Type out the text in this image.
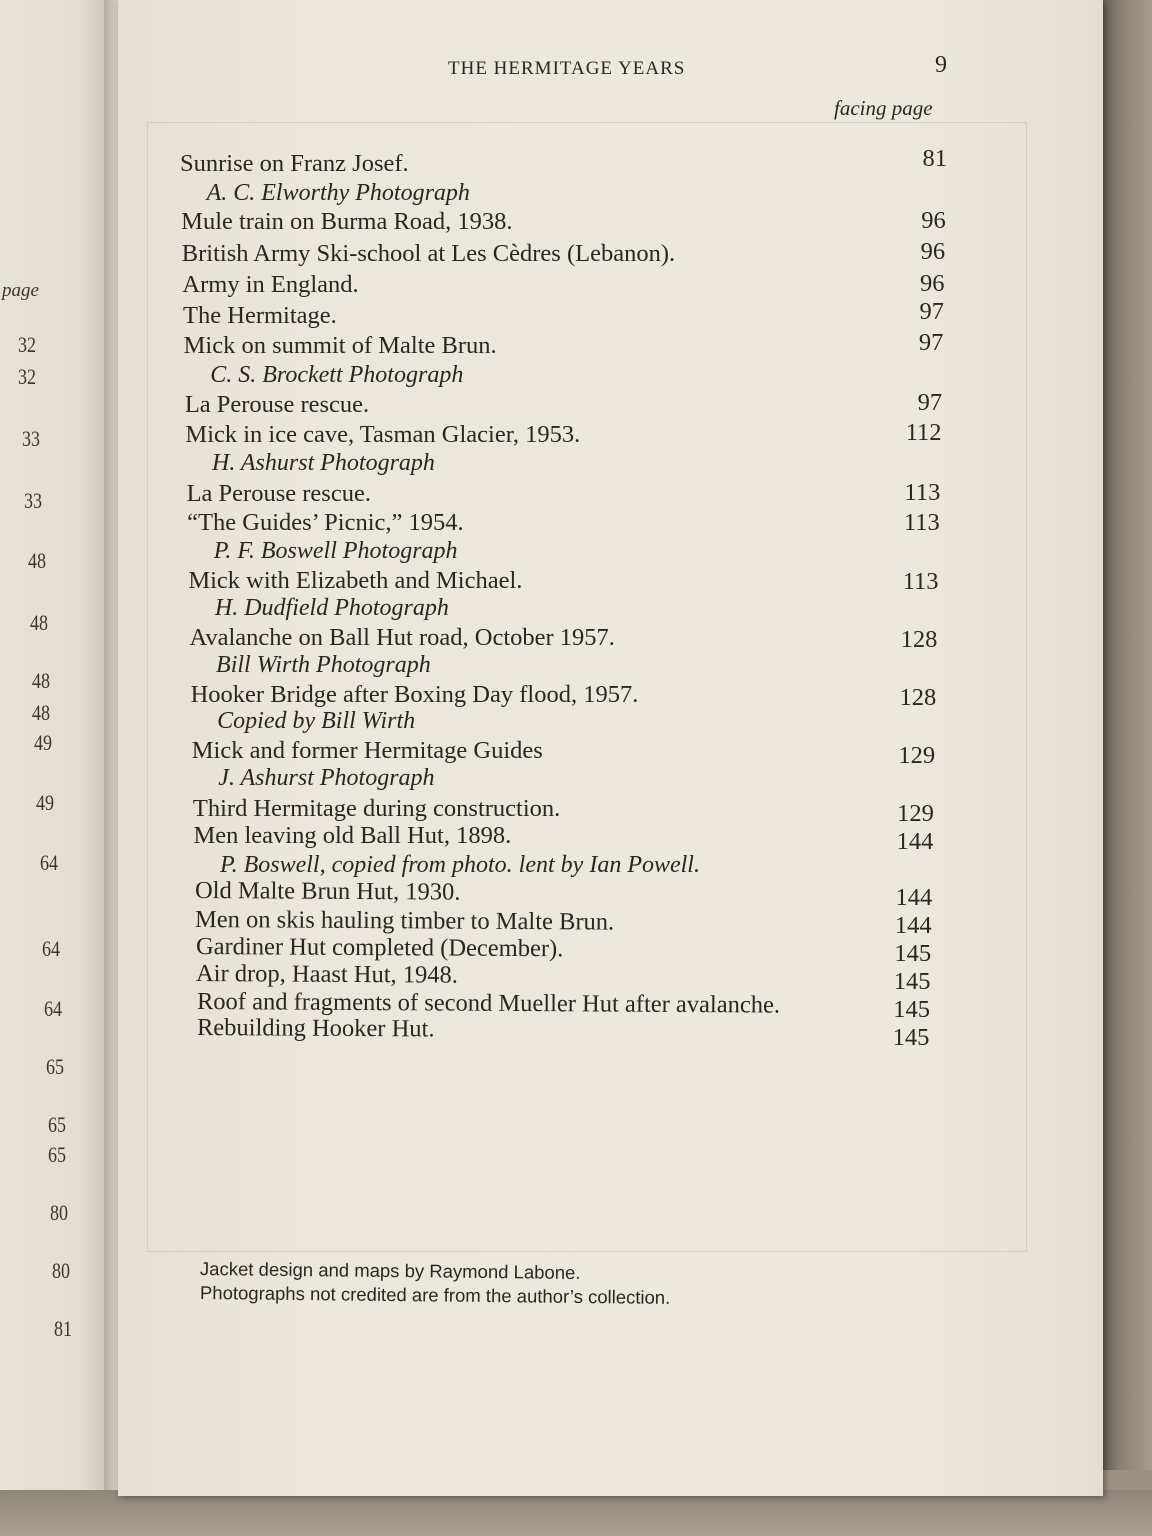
page
32
32
33
33
48
48
48
48
49
49
64
64
64
65
65
65
80
80
81
THE HERMITAGE YEARS	9
facing page
Sunrise on Franz Josef.	81
A. C. Elworthy Photograph
Mule train on Burma Road, 1938.	96
British Army Ski-school at Les Cèdres (Lebanon).	96
Army in England.	96
The Hermitage.	97
Mick on summit of Malte Brun.	97
C. S. Brockett Photograph
La Perouse rescue.	97
Mick in ice cave, Tasman Glacier, 1953.	112
H. Ashurst Photograph
La Perouse rescue.	113
“The Guides’ Picnic,” 1954.	113
P. F. Boswell Photograph
Mick with Elizabeth and Michael.	113
H. Dudfield Photograph
Avalanche on Ball Hut road, October 1957.	128
Bill Wirth Photograph
Hooker Bridge after Boxing Day flood, 1957.	128
Copied by Bill Wirth
Mick and former Hermitage Guides	129
J. Ashurst Photograph
Third Hermitage during construction.	129
Men leaving old Ball Hut, 1898.	144
P. Boswell, copied from photo. lent by Ian Powell.
Old Malte Brun Hut, 1930.	144
Men on skis hauling timber to Malte Brun.	144
Gardiner Hut completed (December).	145
Air drop, Haast Hut, 1948.	145
Roof and fragments of second Mueller Hut after avalanche.	145
Rebuilding Hooker Hut.	145
Jacket design and maps by Raymond Labone.
Photographs not credited are from the author’s collection.
